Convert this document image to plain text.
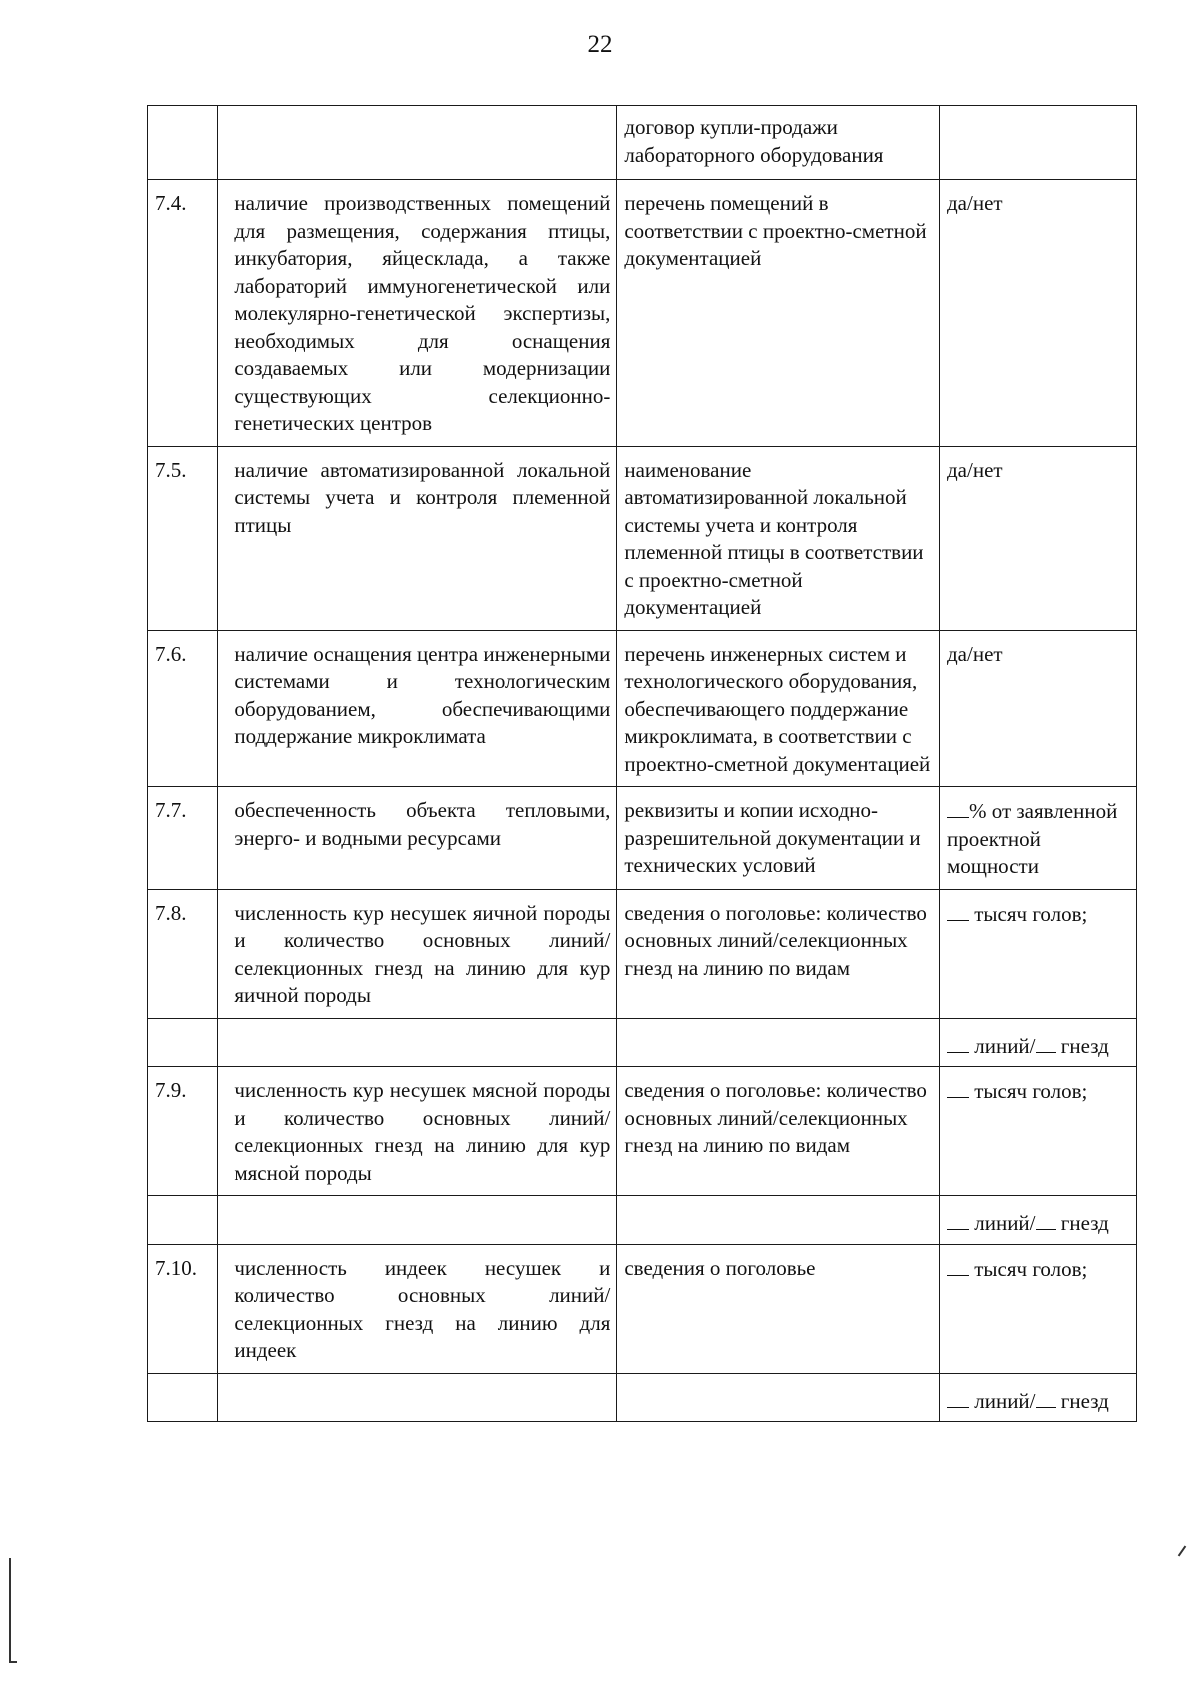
22
		договор купли-продажи лабораторного оборудования	
7.4.	наличие производственных помещений для размещения, содержания птицы, инкубатория, яйцесклада, а также лабораторий иммуногенетической или молекулярно-генетической экспертизы, необходимых для оснащения создаваемых или модернизации существующих селекционно-генетических центров	перечень помещений в соответствии с проектно-сметной документацией	да/нет
7.5.	наличие автоматизированной локальной системы учета и контроля племенной птицы	наименование автоматизированной локальной системы учета и контроля племенной птицы в соответствии с проектно-сметной документацией	да/нет
7.6.	наличие оснащения центра инженерными системами и технологическим оборудованием, обеспечивающими поддержание микроклимата	перечень инженерных систем и технологического оборудования, обеспечивающего поддержание микроклимата, в соответствии с проектно-сметной документацией	да/нет
7.7.	обеспеченность объекта тепловыми, энерго- и водными ресурсами	реквизиты и копии исходно-разрешительной документации и технических условий	% от заявленной проектной мощности
7.8.	численность кур несушек яичной породы и количество основных линий/селекционных гнезд на линию для кур яичной породы	сведения о поголовье: количество основных линий/селекционных гнезд на линию по видам	тысяч голов;
			линий/ гнезд
7.9.	численность кур несушек мясной породы и количество основных линий/селекционных гнезд на линию для кур мясной породы	сведения о поголовье: количество основных линий/селекционных гнезд на линию по видам	тысяч голов;
			линий/ гнезд
7.10.	численность индеек несушек и количество основных линий/селекционных гнезд на линию для индеек	сведения о поголовье	тысяч голов;
			линий/ гнезд
